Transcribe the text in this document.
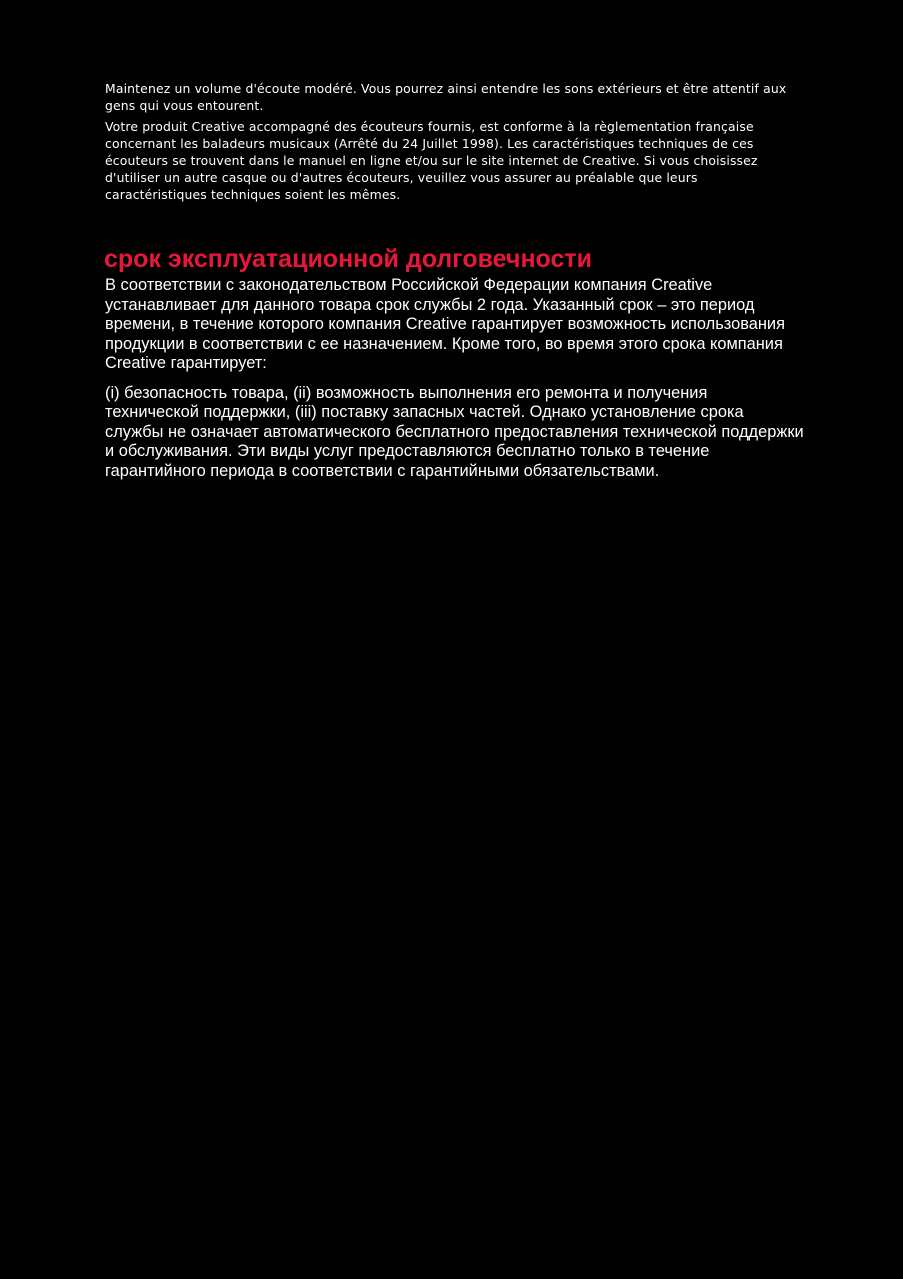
Maintenez un volume d'écoute modéré. Vous pourrez ainsi entendre les sons extérieurs et être attentif aux gens qui vous entourent.

Votre produit Creative accompagné des écouteurs fournis, est conforme à la règlementation française concernant les baladeurs musicaux (Arrêté du 24 Juillet 1998). Les caractéristiques techniques de ces écouteurs se trouvent dans le manuel en ligne et/ou sur le site internet de Creative. Si vous choisissez d'utiliser un autre casque ou d'autres écouteurs, veuillez vous assurer au préalable que leurs caractéristiques techniques soient les mêmes.

срок эксплуатационной долговечности

В соответствии с законодательством Российской Федерации компания Creative устанавливает для данного товара срок службы 2 года. Указанный срок – это период времени, в течение которого компания Creative гарантирует возможность использования продукции в соответствии с ее назначением. Кроме того, во время этого срока компания Creative гарантирует:

(i) безопасность товара, (ii) возможность выполнения его ремонта и получения технической поддержки, (iii) поставку запасных частей. Однако установление срока службы не означает автоматического бесплатного предоставления технической поддержки и обслуживания. Эти виды услуг предоставляются бесплатно только в течение гарантийного периода в соответствии с гарантийными обязательствами.
